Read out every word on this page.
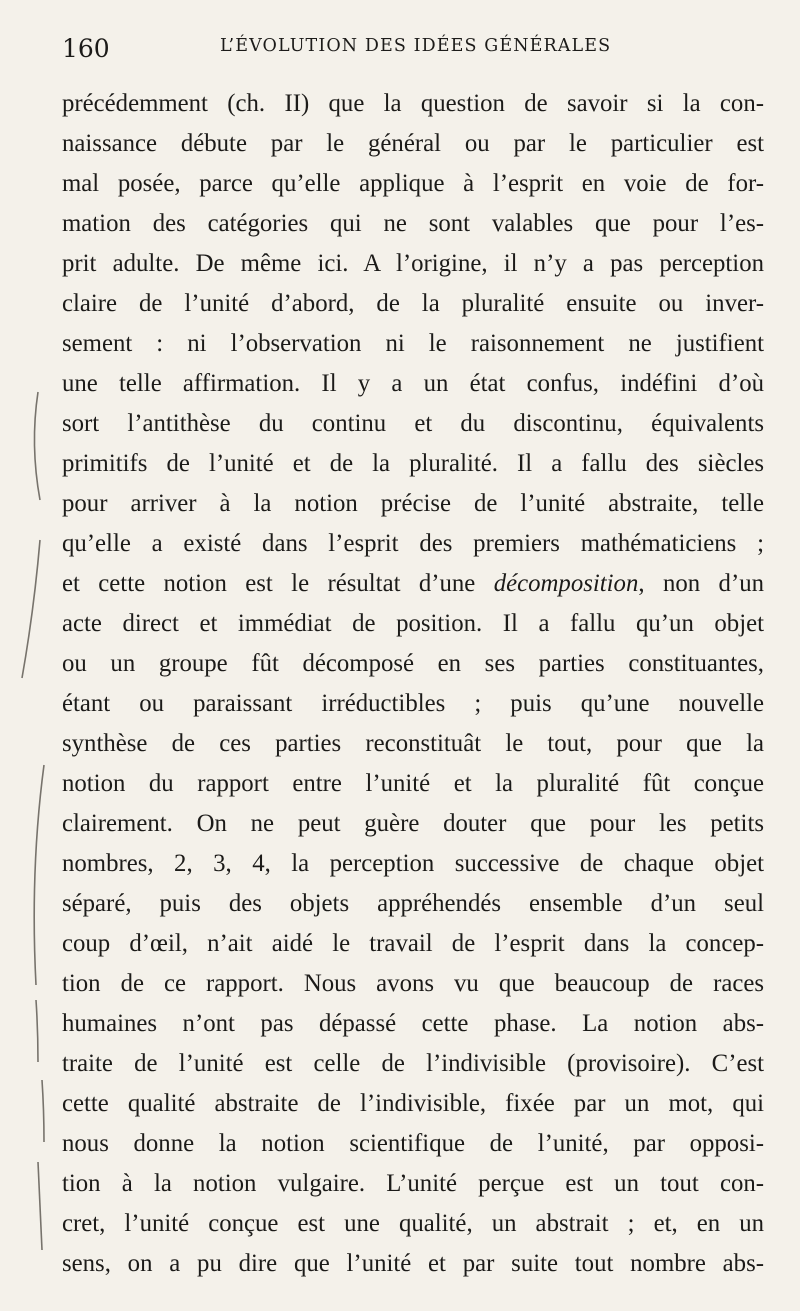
160	L’ÉVOLUTION DES IDÉES GÉNÉRALES
précédemment (ch. II) que la question de savoir si la con-
naissance débute par le général ou par le particulier est
mal posée, parce qu’elle applique à l’esprit en voie de for-
mation des catégories qui ne sont valables que pour l’es-
prit adulte. De même ici. A l’origine, il n’y a pas perception
claire de l’unité d’abord, de la pluralité ensuite ou inver-
sement : ni l’observation ni le raisonnement ne justifient
une telle affirmation. Il y a un état confus, indéfini d’où
sort l’antithèse du continu et du discontinu, équivalents
primitifs de l’unité et de la pluralité. Il a fallu des siècles
pour arriver à la notion précise de l’unité abstraite, telle
qu’elle a existé dans l’esprit des premiers mathématiciens ;
et cette notion est le résultat d’une décomposition, non d’un
acte direct et immédiat de position. Il a fallu qu’un objet
ou un groupe fût décomposé en ses parties constituantes,
étant ou paraissant irréductibles ; puis qu’une nouvelle
synthèse de ces parties reconstituât le tout, pour que la
notion du rapport entre l’unité et la pluralité fût conçue
clairement. On ne peut guère douter que pour les petits
nombres, 2, 3, 4, la perception successive de chaque objet
séparé, puis des objets appréhendés ensemble d’un seul
coup d’œil, n’ait aidé le travail de l’esprit dans la concep-
tion de ce rapport. Nous avons vu que beaucoup de races
humaines n’ont pas dépassé cette phase. La notion abs-
traite de l’unité est celle de l’indivisible (provisoire). C’est
cette qualité abstraite de l’indivisible, fixée par un mot, qui
nous donne la notion scientifique de l’unité, par opposi-
tion à la notion vulgaire. L’unité perçue est un tout con-
cret, l’unité conçue est une qualité, un abstrait ; et, en un
sens, on a pu dire que l’unité et par suite tout nombre abs-
